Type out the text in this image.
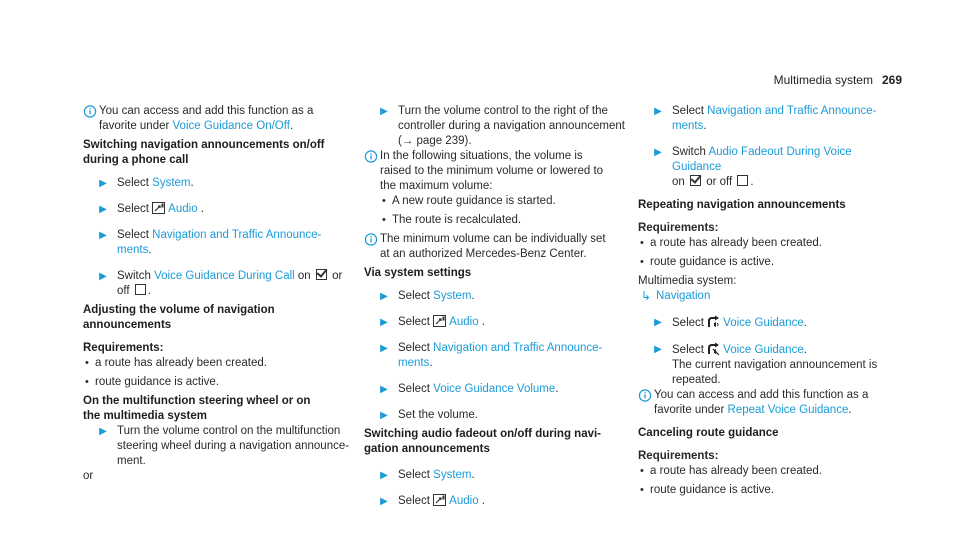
Multimedia system 269
You can access and add this function as a
favorite under Voice Guidance On/Off.
Switching navigation announcements on/off
during a phone call
▶ Select System.
▶ Select Audio .
▶ Select Navigation and Traffic Announce-
ments.
▶ Switch Voice Guidance During Call on  or
off .
Adjusting the volume of navigation
announcements
Requirements:
• a route has already been created.
• route guidance is active.
On the multifunction steering wheel or on
the multimedia system
▶ Turn the volume control on the multifunction
steering wheel during a navigation announce-
ment.
or
▶ Turn the volume control to the right of the
controller during a navigation announcement
(→ page 239).
In the following situations, the volume is
raised to the minimum volume or lowered to
the maximum volume:
• A new route guidance is started.
• The route is recalculated.
The minimum volume can be individually set
at an authorized Mercedes-Benz Center.
Via system settings
▶ Select System.
▶ Select Audio .
▶ Select Navigation and Traffic Announce-
ments.
▶ Select Voice Guidance Volume.
▶ Set the volume.
Switching audio fadeout on/off during navi-
gation announcements
▶ Select System.
▶ Select Audio .
▶ Select Navigation and Traffic Announce-
ments.
▶ Switch Audio Fadeout During Voice Guidance
on  or off .
Repeating navigation announcements
Requirements:
• a route has already been created.
• route guidance is active.
Multimedia system:
↳ Navigation
▶ Select Voice Guidance.
▶ Select Voice Guidance.
The current navigation announcement is
repeated.
You can access and add this function as a
favorite under Repeat Voice Guidance.
Canceling route guidance
Requirements:
• a route has already been created.
• route guidance is active.
